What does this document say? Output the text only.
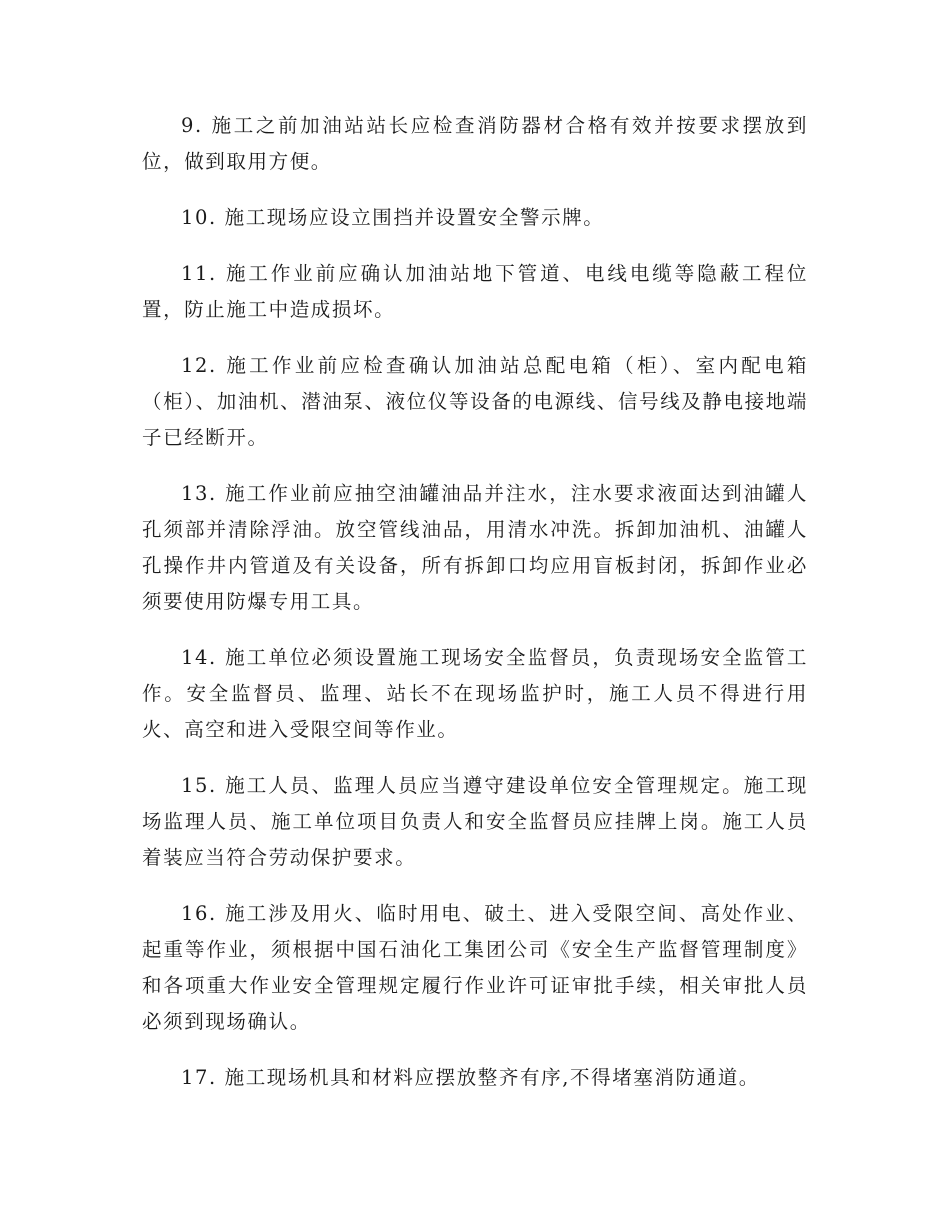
9. 施工之前加油站站长应检查消防器材合格有效并按要求摆放到位，做到取用方便。

10. 施工现场应设立围挡并设置安全警示牌。

11. 施工作业前应确认加油站地下管道、电线电缆等隐蔽工程位置，防止施工中造成损坏。

12. 施工作业前应检查确认加油站总配电箱（柜）、室内配电箱（柜）、加油机、潜油泵、液位仪等设备的电源线、信号线及静电接地端子已经断开。

13. 施工作业前应抽空油罐油品并注水，注水要求液面达到油罐人孔须部并清除浮油。放空管线油品，用清水冲洗。拆卸加油机、油罐人孔操作井内管道及有关设备，所有拆卸口均应用盲板封闭，拆卸作业必须要使用防爆专用工具。

14. 施工单位必须设置施工现场安全监督员，负责现场安全监管工作。安全监督员、监理、站长不在现场监护时，施工人员不得进行用火、高空和进入受限空间等作业。

15. 施工人员、监理人员应当遵守建设单位安全管理规定。施工现场监理人员、施工单位项目负责人和安全监督员应挂牌上岗。施工人员着装应当符合劳动保护要求。

16. 施工涉及用火、临时用电、破土、进入受限空间、高处作业、起重等作业，须根据中国石油化工集团公司《安全生产监督管理制度》和各项重大作业安全管理规定履行作业许可证审批手续，相关审批人员必须到现场确认。

17. 施工现场机具和材料应摆放整齐有序,不得堵塞消防通道。
